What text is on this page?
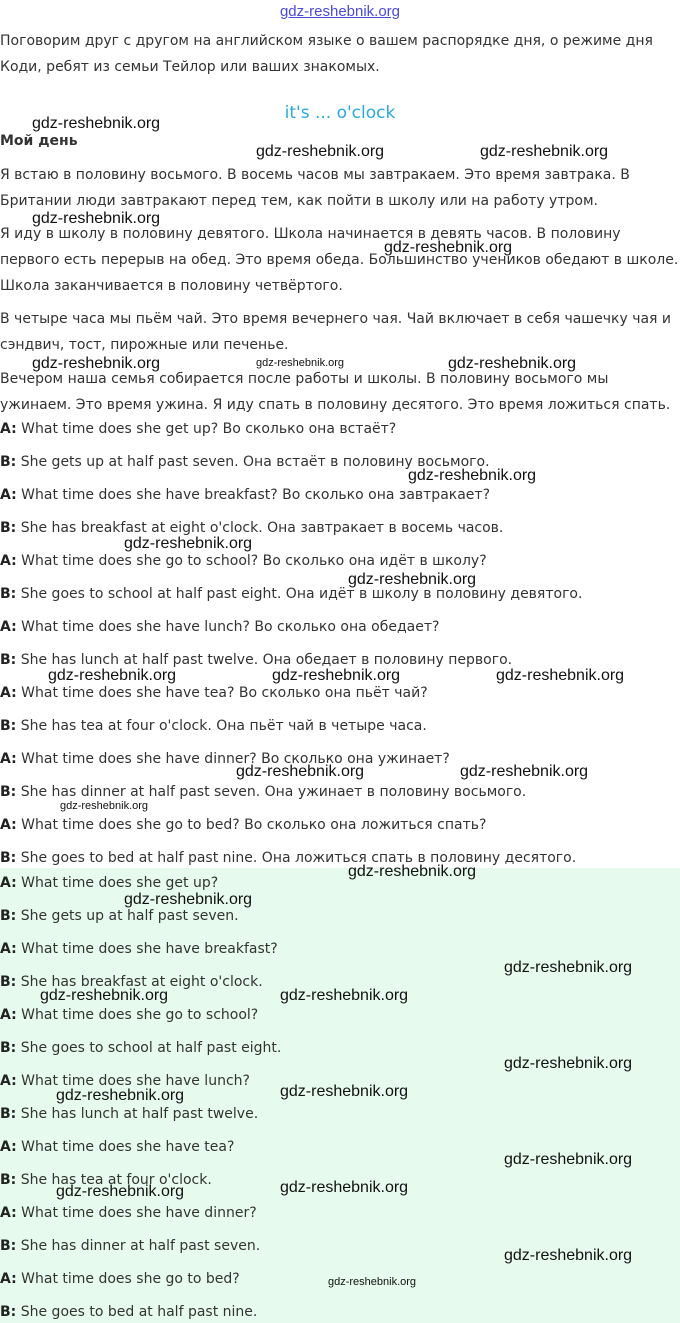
gdz-reshebnik.org

Поговорим друг с другом на английском языке о вашем распорядке дня, о режиме дня Коди, ребят из семьи Тейлор или ваших знакомых.

it's ... o'clock
Мой день

Я встаю в половину восьмого. В восемь часов мы завтракаем. Это время завтрака. В Британии люди завтракают перед тем, как пойти в школу или на работу утром.

Я иду в школу в половину девятого. Школа начинается в девять часов. В половину первого есть перерыв на обед. Это время обеда. Большинство учеников обедают в школе. Школа заканчивается в половину четвёртого.

В четыре часа мы пьём чай. Это время вечернего чая. Чай включает в себя чашечку чая и сэндвич, тост, пирожные или печенье.

Вечером наша семья собирается после работы и школы. В половину восьмого мы ужинаем. Это время ужина. Я иду спать в половину десятого. Это время ложиться спать.

A: What time does she get up? Во сколько она встаёт?
B: She gets up at half past seven. Она встаёт в половину восьмого.
A: What time does she have breakfast? Во сколько она завтракает?
B: She has breakfast at eight o'clock. Она завтракает в восемь часов.
A: What time does she go to school? Во сколько она идёт в школу?
B: She goes to school at half past eight. Она идёт в школу в половину девятого.
A: What time does she have lunch? Во сколько она обедает?
B: She has lunch at half past twelve. Она обедает в половину первого.
A: What time does she have tea? Во сколько она пьёт чай?
B: She has tea at four o'clock. Она пьёт чай в четыре часа.
A: What time does she have dinner? Во сколько она ужинает?
B: She has dinner at half past seven. Она ужинает в половину восьмого.
A: What time does she go to bed? Во сколько она ложиться спать?
B: She goes to bed at half past nine. Она ложиться спать в половину десятого.
A: What time does she get up?
B: She gets up at half past seven.
A: What time does she have breakfast?
B: She has breakfast at eight o'clock.
A: What time does she go to school?
B: She goes to school at half past eight.
A: What time does she have lunch?
B: She has lunch at half past twelve.
A: What time does she have tea?
B: She has tea at four o'clock.
A: What time does she have dinner?
B: She has dinner at half past seven.
A: What time does she go to bed?
B: She goes to bed at half past nine.
gdz-reshebnik.org
gdz-reshebnik.org	gdz-reshebnik.org
gdz-reshebnik.org
gdz-reshebnik.org
gdz-reshebnik.org	gdz-reshebnik.org	gdz-reshebnik.org
gdz-reshebnik.org
gdz-reshebnik.org
gdz-reshebnik.org
gdz-reshebnik.org	gdz-reshebnik.org	gdz-reshebnik.org
gdz-reshebnik.org	gdz-reshebnik.org
gdz-reshebnik.org
gdz-reshebnik.org
gdz-reshebnik.org
gdz-reshebnik.org
gdz-reshebnik.org	gdz-reshebnik.org
gdz-reshebnik.org
gdz-reshebnik.org	gdz-reshebnik.org
gdz-reshebnik.org
gdz-reshebnik.org	gdz-reshebnik.org
gdz-reshebnik.org
gdz-reshebnik.org
